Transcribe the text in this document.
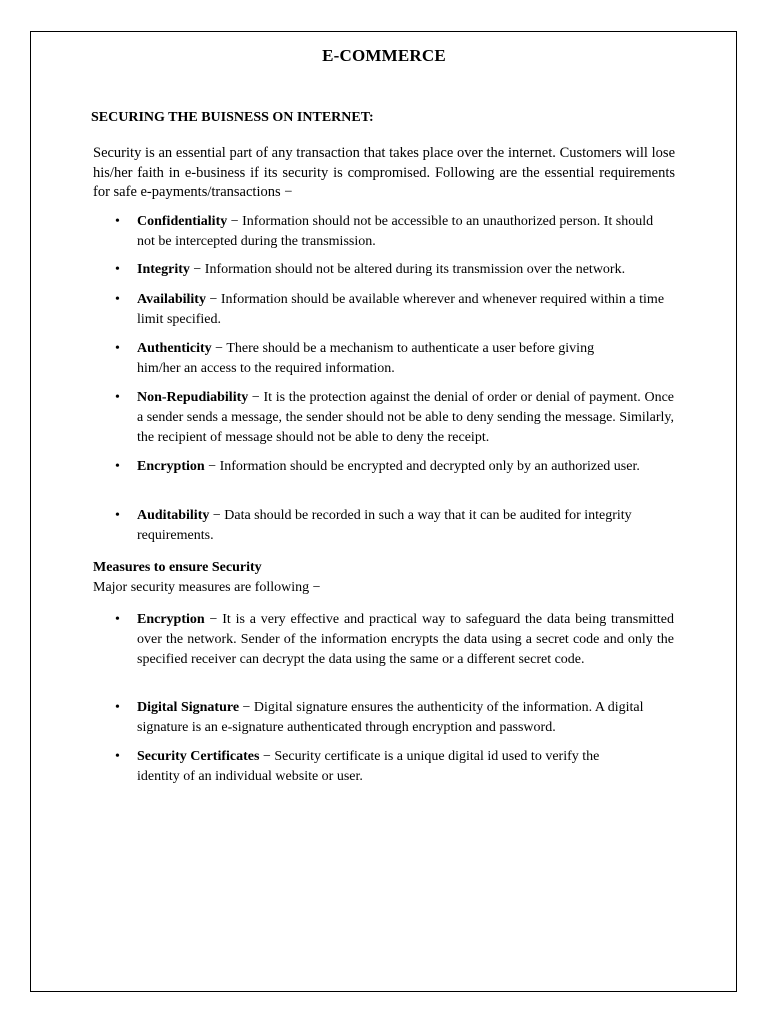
E-COMMERCE
SECURING THE BUISNESS ON INTERNET:
Security is an essential part of any transaction that takes place over the internet. Customers will lose his/her faith in e-business if its security is compromised. Following are the essential requirements for safe e-payments/transactions −
• Confidentiality − Information should not be accessible to an unauthorized person. It should not be intercepted during the transmission.
• Integrity − Information should not be altered during its transmission over the network.
• Availability − Information should be available wherever and whenever required within a time limit specified.
• Authenticity − There should be a mechanism to authenticate a user before giving him/her an access to the required information.
• Non-Repudiability − It is the protection against the denial of order or denial of payment. Once a sender sends a message, the sender should not be able to deny sending the message. Similarly, the recipient of message should not be able to deny the receipt.
• Encryption − Information should be encrypted and decrypted only by an authorized user.
• Auditability − Data should be recorded in such a way that it can be audited for integrity requirements.
Measures to ensure Security
Major security measures are following −
• Encryption − It is a very effective and practical way to safeguard the data being transmitted over the network. Sender of the information encrypts the data using a secret code and only the specified receiver can decrypt the data using the same or a different secret code.
• Digital Signature − Digital signature ensures the authenticity of the information. A digital signature is an e-signature authenticated through encryption and password.
• Security Certificates − Security certificate is a unique digital id used to verify the identity of an individual website or user.
